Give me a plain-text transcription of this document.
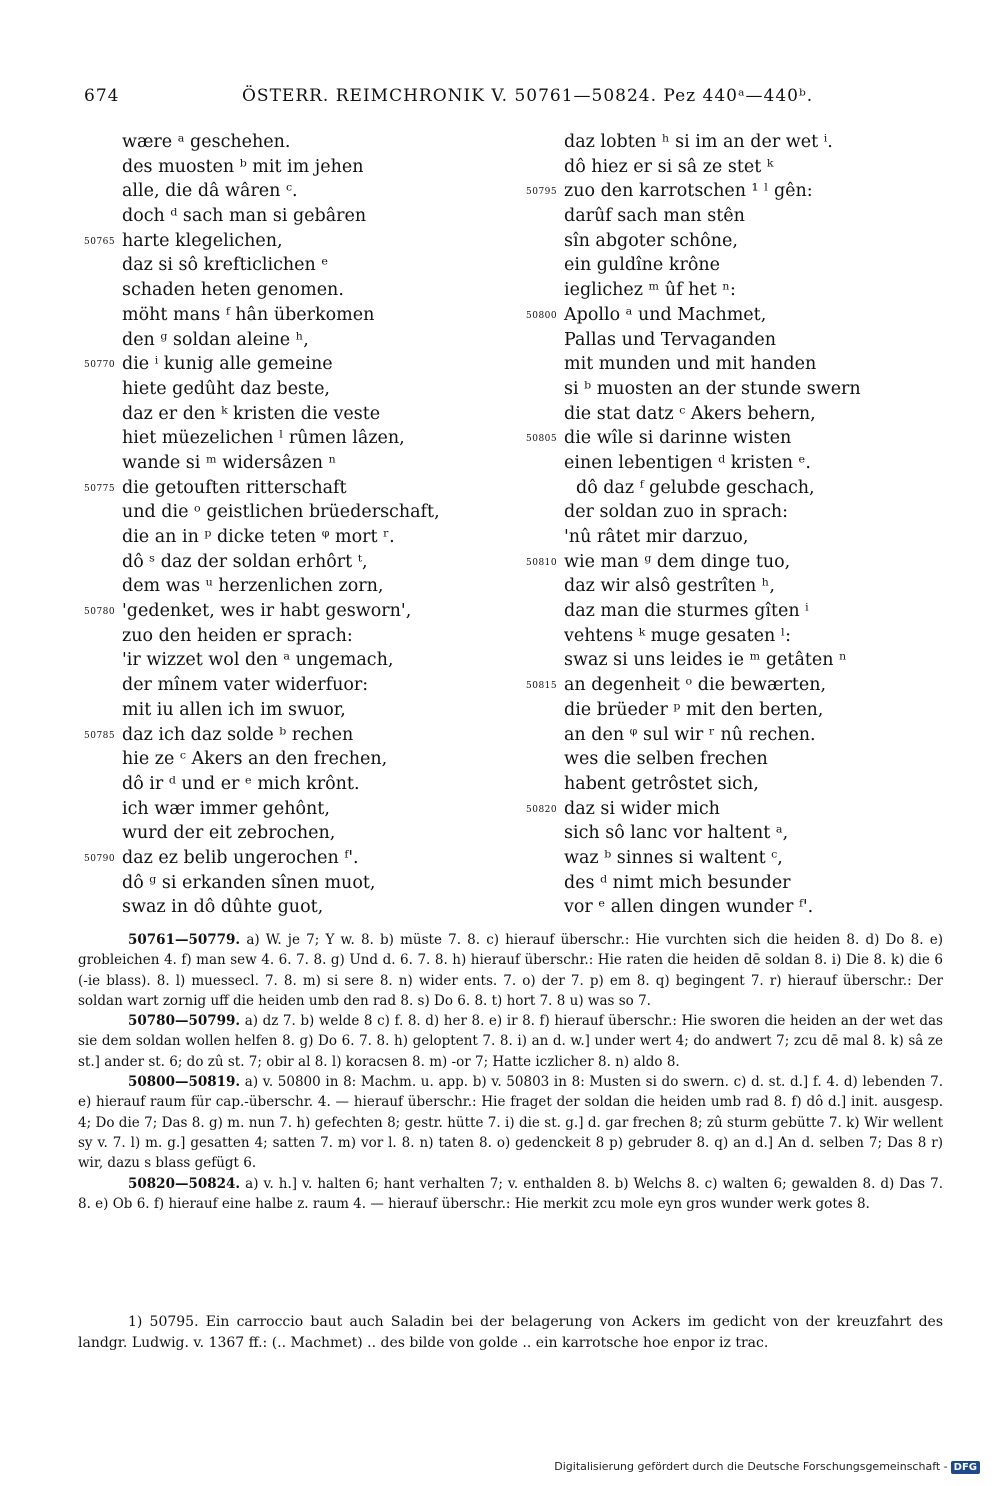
674	ÖSTERR. REIMCHRONIK V. 50761—50824. Pez 440ᵃ—440ᵇ.
wære ᵃ geschehen.
des muosten ᵇ mit im jehen
alle, die dâ wâren ᶜ.
doch ᵈ sach man si gebâren
50765 harte klegelichen,
daz si sô krefticlichen ᵉ
schaden heten genomen.
möht mans ᶠ hân überkomen
den ᵍ soldan aleine ʰ,
50770 die ⁱ kunig alle gemeine
hiete gedûht daz beste,
daz er den ᵏ kristen die veste
hiet müezelichen ˡ rûmen lâzen,
wande si ᵐ widersâzen ⁿ
50775 die getouften ritterschaft
und die ᵒ geistlichen brüederschaft,
die an in ᵖ dicke teten ᵠ mort ʳ.
dô ˢ daz der soldan erhôrt ᵗ,
dem was ᵘ herzenlichen zorn,
50780 'gedenket, wes ir habt gesworn',
zuo den heiden er sprach:
'ir wizzet wol den ᵃ ungemach,
der mînem vater widerfuor:
mit iu allen ich im swuor,
50785 daz ich daz solde ᵇ rechen
hie ze ᶜ Akers an den frechen,
dô ir ᵈ und er ᵉ mich krônt.
ich wær immer gehônt,
wurd der eit zebrochen,
50790 daz ez belib ungerochen ᶠ'.
dô ᵍ si erkanden sînen muot,
swaz in dô dûhte guot,
daz lobten ʰ si im an der wet ⁱ.
dô hiez er si sâ ze stet ᵏ
50795 zuo den karrotschen ¹ ˡ gên:
darûf sach man stên
sîn abgoter schône,
ein guldîne krône
ieglichez ᵐ ûf het ⁿ:
50800 Apollo ᵃ und Machmet,
Pallas und Tervaganden
mit munden und mit handen
si ᵇ muosten an der stunde swern
die stat datz ᶜ Akers behern,
50805 die wîle si darinne wisten
einen lebentigen ᵈ kristen ᵉ.
dô daz ᶠ gelubde geschach,
der soldan zuo in sprach:
'nû râtet mir darzuo,
50810 wie man ᵍ dem dinge tuo,
daz wir alsô gestrîten ʰ,
daz man die sturmes gîten ⁱ
vehtens ᵏ muge gesaten ˡ:
swaz si uns leides ie ᵐ getâten ⁿ
50815 an degenheit ᵒ die bewærten,
die brüeder ᵖ mit den berten,
an den ᵠ sul wir ʳ nû rechen.
wes die selben frechen
habent getrôstet sich,
50820 daz si wider mich
sich sô lanc vor haltent ᵃ,
waz ᵇ sinnes si waltent ᶜ,
des ᵈ nimt mich besunder
vor ᵉ allen dingen wunder ᶠ'.

50761—50779. a) W. je 7; Y w. 8. b) müste 7. 8. c) hierauf überschr.: Hie vurchten sich die heiden 8. d) Do 8. e) grobleichen 4. f) man sew 4. 6. 7. 8. g) Und d. 6. 7. 8. h) hierauf überschr.: Hie raten die heiden dē soldan 8. i) Die 8. k) die 6 (-ie blass). 8. l) muessecl. 7. 8. m) si sere 8. n) wider ents. 7. o) der 7. p) em 8. q) begingent 7. r) hierauf überschr.: Der soldan wart zornig uff die heiden umb den rad 8. s) Do 6. 8. t) hort 7. 8 u) was so 7.

50780—50799. a) dz 7. b) welde 8 c) f. 8. d) her 8. e) ir 8. f) hierauf überschr.: Hie sworen die heiden an der wet das sie dem soldan wollen helfen 8. g) Do 6. 7. 8. h) geloptent 7. 8. i) an d. w.] under wert 4; do andwert 7; zcu dē mal 8. k) sâ ze st.] ander st. 6; do zû st. 7; obir al 8. l) koracsen 8. m) -or 7; Hatte iczlicher 8. n) aldo 8.

50800—50819. a) v. 50800 in 8: Machm. u. app. b) v. 50803 in 8: Musten si do swern. c) d. st. d.] f. 4. d) lebenden 7. e) hierauf raum für cap.-überschr. 4. — hierauf überschr.: Hie fraget der soldan die heiden umb rad 8. f) dô d.] init. ausgesp. 4; Do die 7; Das 8. g) m. nun 7. h) gefechten 8; gestr. hütte 7. i) die st. g.] d. gar frechen 8; zû sturm gebütte 7. k) Wir wellent sy v. 7. l) m. g.] gesatten 4; satten 7. m) vor l. 8. n) taten 8. o) gedenckeit 8 p) gebruder 8. q) an d.] An d. selben 7; Das 8 r) wir, dazu s blass gefügt 6.

50820—50824. a) v. h.] v. halten 6; hant verhalten 7; v. enthalden 8. b) Welchs 8. c) walten 6; gewalden 8. d) Das 7. 8. e) Ob 6. f) hierauf eine halbe z. raum 4. — hierauf überschr.: Hie merkit zcu mole eyn gros wunder werk gotes 8.

1) 50795. Ein carroccio baut auch Saladin bei der belagerung von Ackers im gedicht von der kreuzfahrt des landgr. Ludwig. v. 1367 ff.: (.. Machmet) .. des bilde von golde .. ein karrotsche hoe enpor iz trac.

Digitalisierung gefördert durch die Deutsche Forschungsgemeinschaft - DFG
